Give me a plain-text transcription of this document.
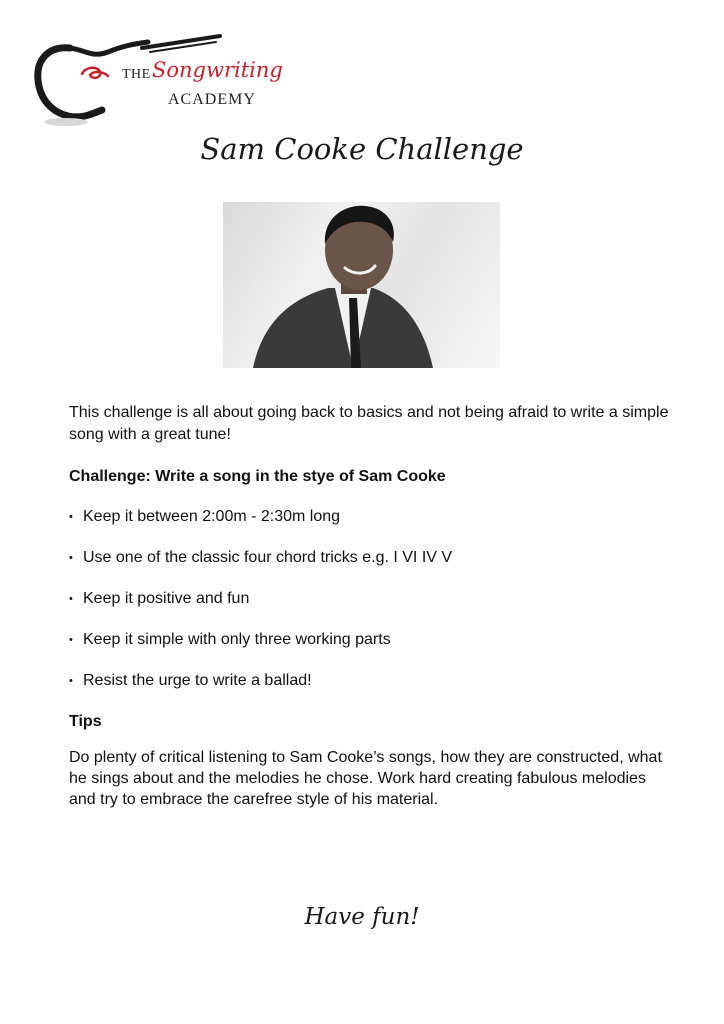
THE Songwriting
ACADEMY
Sam Cooke Challenge

This challenge is all about going back to basics and not being afraid to write a simple song with a great tune!

Challenge: Write a song in the stye of Sam Cooke

• Keep it between 2:00m - 2:30m long
• Use one of the classic four chord tricks e.g. I VI IV V
• Keep it positive and fun
• Keep it simple with only three working parts
• Resist the urge to write a ballad!

Tips

Do plenty of critical listening to Sam Cooke’s songs, how they are constructed, what he sings about and the melodies he chose. Work hard creating fabulous melodies and try to embrace the carefree style of his material.

Have fun!
